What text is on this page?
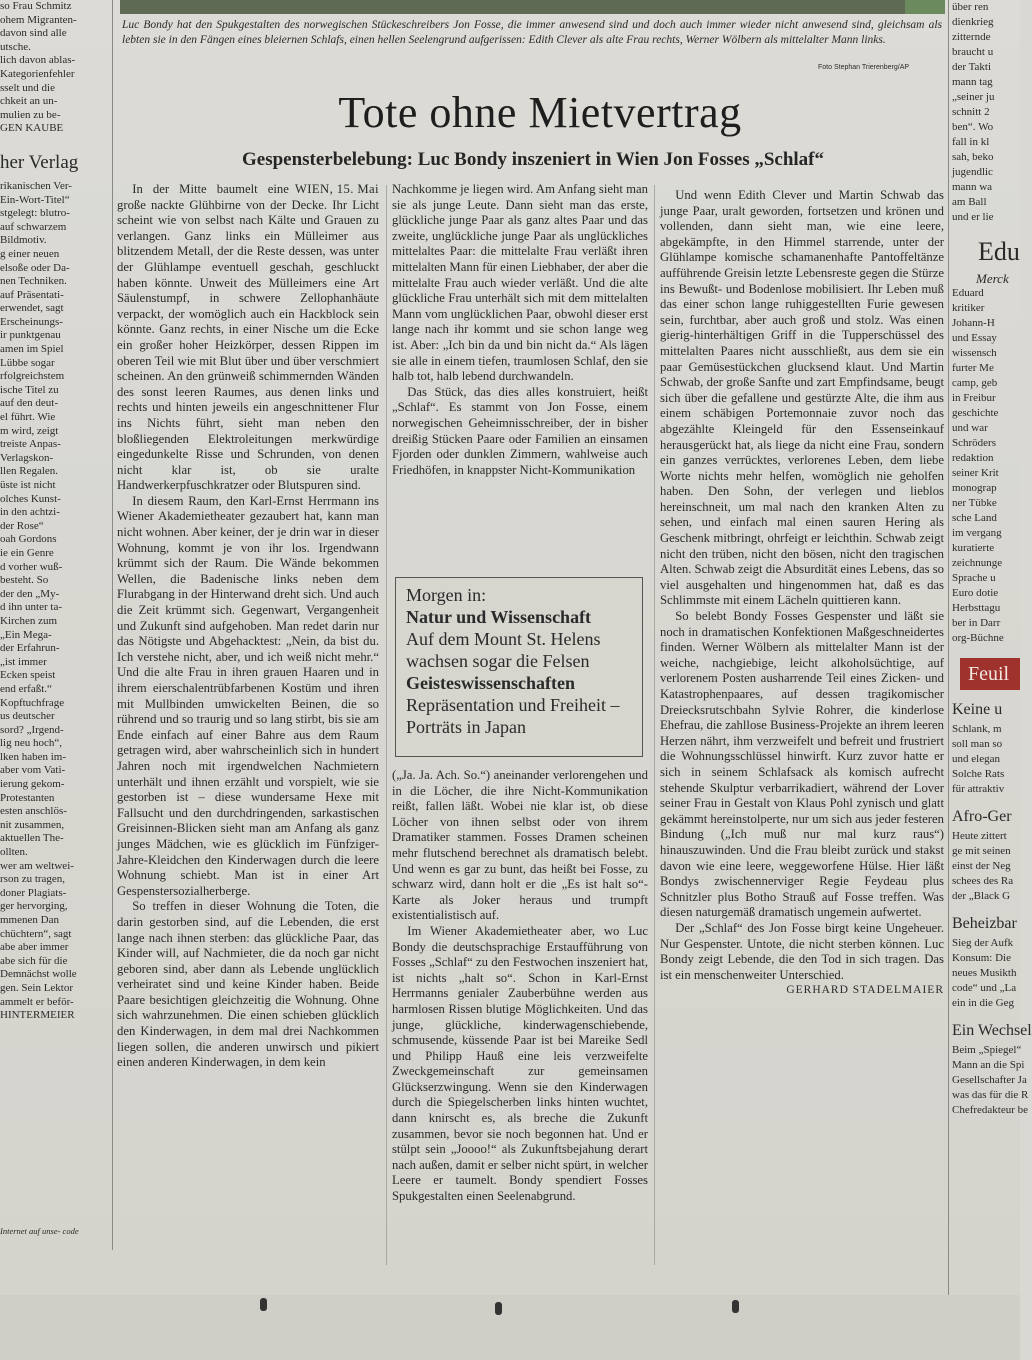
Luc Bondy hat den Spukgestalten des norwegischen Stückeschreibers Jon Fosse, die immer anwesend sind und doch auch immer wieder nicht anwesend sind, gleichsam als lebten sie in den Fängen eines bleiernen Schlafs, einen hellen Seelengrund aufgerissen: Edith Clever als alte Frau rechts, Werner Wölbern als mittelalter Mann links.
Foto Stephan Trierenberg/AP
so Frau Schmitz
ohem Migranten-
davon sind alle
utsche.
lich davon ablas-
Kategorienfehler
sselt und die
chkeit an un-
mulien zu be-
GEN KAUBE
her Verlag
rikanischen Ver-
Ein-Wort-Titel“
stgelegt: blutro-
auf schwarzem
Bildmotiv.
g einer neuen
elsoße oder Da-
nen Techniken.
auf Präsentati-
erwendet, sagt
Erscheinungs-
ir punktgenau
amen im Spiel
Lübbe sogar
rfolgreichstem
ische Titel zu
auf den deut-
el führt. Wie
m wird, zeigt
treiste Anpas-
Verlagskon-
llen Regalen.
üste ist nicht
olches Kunst-
in den achtzi-
der Rose“
oah Gordons
ie ein Genre
d vorher wuß-
besteht. So
der den „My-
d ihn unter ta-
Kirchen zum
„Ein Mega-
der Erfahrun-
„ist immer
Ecken speist
end erfaßt.“
Kopftuchfrage
us deutscher
sord? „Irgend-
lig neu hoch“,
lken haben im-
aber vom Vati-
ierung gekom-
Protestanten
esten anschlös-
nit zusammen,
aktuellen The-
ollten.
wer am weltwei-
rson zu tragen,
doner Plagiats-
ger hervorging,
mmenen Dan
chüchtern“, sagt
abe aber immer
abe sich für die
Demnächst wolle
gen. Sein Lektor
ammelt er beför-
HINTERMEIER
Internet auf unse- code
über ren
dienkrieg
zitternde
braucht u
der Takti
mann tag
„seiner ju
schnitt 2
ben“. Wo
fall in kl
sah, beko
jugendlic
mann wa
am Ball
und er lie
Edu
Merck
Eduard
kritiker
Johann-H
und Essay
wissensch
furter Me
camp, geb
in Freibur
geschichte
und war
Schröders
redaktion
seiner Krit
monograp
ner Tübke
sche Land
im vergang
kuratierte
zeichnunge
Sprache u
Euro dotie
Herbsttagu
ber in Darr
org-Büchne
Feuil
Keine u
Schlank, m
soll man so
und elegan
Solche Rats
für attraktiv
Afro-Ger
Heute zittert
ge mit seinen
einst der Neg
schees des Ra
der „Black G
Beheizbar
Sieg der Aufk
Konsum: Die
neues Musikth
code“ und „La
ein in die Geg
Ein Wechsel
Beim „Spiegel“
Mann an die Spi
Gesellschafter Ja
was das für die R
Chefredakteur be
Tote ohne Mietvertrag
Gespensterbelebung: Luc Bondy inszeniert in Wien Jon Fosses „Schlaf“
WIEN, 15. Mai

In der Mitte baumelt eine große nackte Glühbirne von der Decke. Ihr Licht scheint wie von selbst nach Kälte und Grauen zu verlangen. Ganz links ein Mülleimer aus blitzendem Metall, der die Reste dessen, was unter der Glühlampe eventuell geschah, geschluckt haben könnte. Unweit des Mülleimers eine Art Säulenstumpf, in schwere Zellophanhäute verpackt, der womöglich auch ein Hackblock sein könnte. Ganz rechts, in einer Nische um die Ecke ein großer hoher Heizkörper, dessen Rippen im oberen Teil wie mit Blut über und über verschmiert scheinen. An den grünweiß schimmernden Wänden des sonst leeren Raumes, aus denen links und rechts und hinten jeweils ein angeschnittener Flur ins Nichts führt, sieht man neben den bloßliegenden Elektroleitungen merkwürdige eingedunkelte Risse und Schrunden, von denen nicht klar ist, ob sie uralte Handwerkerpfuschkratzer oder Blutspuren sind.

In diesem Raum, den Karl-Ernst Herrmann ins Wiener Akademietheater gezaubert hat, kann man nicht wohnen. Aber keiner, der je drin war in dieser Wohnung, kommt je von ihr los. Irgendwann krümmt sich der Raum. Die Wände bekommen Wellen, die Badenische links neben dem Flurabgang in der Hinterwand dreht sich. Und auch die Zeit krümmt sich. Gegenwart, Vergangenheit und Zukunft sind aufgehoben. Man redet darin nur das Nötigste und Abgehacktest: „Nein, da bist du. Ich verstehe nicht, aber, und ich weiß nicht mehr.“ Und die alte Frau in ihren grauen Haaren und in ihrem eierschalentrübfarbenen Kostüm und ihren mit Mullbinden umwickelten Beinen, die so rührend und so traurig und so lang stirbt, bis sie am Ende einfach auf einer Bahre aus dem Raum getragen wird, aber wahrscheinlich sich in hundert Jahren noch mit irgendwelchen Nachmietern unterhält und ihnen erzählt und vorspielt, wie sie gestorben ist – diese wundersame Hexe mit Fallsucht und den durchdringenden, sarkastischen Greisinnen-Blicken sieht man am Anfang als ganz junges Mädchen, wie es glücklich im Fünfziger-Jahre-Kleidchen den Kinderwagen durch die leere Wohnung schiebt. Man ist in einer Art Gespenstersozialherberge.

So treffen in dieser Wohnung die Toten, die darin gestorben sind, auf die Lebenden, die erst lange nach ihnen sterben: das glückliche Paar, das Kinder will, auf Nachmieter, die da noch gar nicht geboren sind, aber dann als Lebende unglücklich verheiratet sind und keine Kinder haben. Beide Paare besichtigen gleichzeitig die Wohnung. Ohne sich wahrzunehmen. Die einen schieben glücklich den Kinderwagen, in dem mal drei Nachkommen liegen sollen, die anderen unwirsch und pikiert einen anderen Kinderwagen, in dem kein

Nachkomme je liegen wird. Am Anfang sieht man sie als junge Leute. Dann sieht man das erste, glückliche junge Paar als ganz altes Paar und das zweite, unglückliche junge Paar als unglückliches mittelaltes Paar: die mittelalte Frau verläßt ihren mittelalten Mann für einen Liebhaber, der aber die mittelalte Frau auch wieder verläßt. Und die alte glückliche Frau unterhält sich mit dem mittelalten Mann vom unglücklichen Paar, obwohl dieser erst lange nach ihr kommt und sie schon lange weg ist. Aber: „Ich bin da und bin nicht da.“ Als lägen sie alle in einem tiefen, traumlosen Schlaf, den sie halb tot, halb lebend durchwandeln.

Das Stück, das dies alles konstruiert, heißt „Schlaf“. Es stammt von Jon Fosse, einem norwegischen Geheimnisschreiber, der in bisher dreißig Stücken Paare oder Familien an einsamen Fjorden oder dunklen Zimmern, wahlweise auch Friedhöfen, in knappster Nicht-Kommunikation

Morgen in:
Natur und Wissenschaft
Auf dem Mount St. Helens wachsen sogar die Felsen
Geisteswissenschaften
Repräsentation und Freiheit – Porträts in Japan

(„Ja. Ja. Ach. So.“) aneinander verlorengehen und in die Löcher, die ihre Nicht-Kommunikation reißt, fallen läßt. Wobei nie klar ist, ob diese Löcher von ihnen selbst oder von ihrem Dramatiker stammen. Fosses Dramen scheinen mehr flutschend berechnet als dramatisch belebt. Und wenn es gar zu bunt, das heißt bei Fosse, zu schwarz wird, dann holt er die „Es ist halt so“-Karte als Joker heraus und trumpft existentialistisch auf.

Im Wiener Akademietheater aber, wo Luc Bondy die deutschsprachige Erstaufführung von Fosses „Schlaf“ zu den Festwochen inszeniert hat, ist nichts „halt so“. Schon in Karl-Ernst Herrmanns genialer Zauberbühne werden aus harmlosen Rissen blutige Möglichkeiten. Und das junge, glückliche, kinderwagenschiebende, schmusende, küssende Paar ist bei Mareike Sedl und Philipp Hauß eine leis verzweifelte Zweckgemeinschaft zur gemeinsamen Glückserzwingung. Wenn sie den Kinderwagen durch die Spiegelscherben links hinten wuchtet, dann knirscht es, als breche die Zukunft zusammen, bevor sie noch begonnen hat. Und er stülpt sein „Joooo!“ als Zukunftsbejahung derart nach außen, damit er selber nicht spürt, in welcher Leere er taumelt. Bondy spendiert Fosses Spukgestalten einen Seelenabgrund.

Und wenn Edith Clever und Martin Schwab das junge Paar, uralt geworden, fortsetzen und krönen und vollenden, dann sieht man, wie eine leere, abgekämpfte, in den Himmel starrende, unter der Glühlampe komische schamanenhafte Pantoffeltänze aufführende Greisin letzte Lebensreste gegen die Stürze ins Bewußt- und Bodenlose mobilisiert. Ihr Leben muß das einer schon lange ruhiggestellten Furie gewesen sein, furchtbar, aber auch groß und stolz. Was einen gierig-hinterhältigen Griff in die Tupperschüssel des mittelalten Paares nicht ausschließt, aus dem sie ein paar Gemüsestückchen glucksend klaut. Und Martin Schwab, der große Sanfte und zart Empfindsame, beugt sich über die gefallene und gestürzte Alte, die ihm aus einem schäbigen Portemonnaie zuvor noch das abgezählte Kleingeld für den Essenseinkauf herausgerückt hat, als liege da nicht eine Frau, sondern ein ganzes verrücktes, verlorenes Leben, dem liebe Worte nichts mehr helfen, womöglich nie geholfen haben. Den Sohn, der verlegen und lieblos hereinschneit, um mal nach den kranken Alten zu sehen, und einfach mal einen sauren Hering als Geschenk mitbringt, ohrfeigt er leichthin. Schwab zeigt nicht den trüben, nicht den bösen, nicht den tragischen Alten. Schwab zeigt die Absurdität eines Lebens, das so viel ausgehalten und hingenommen hat, daß es das Schlimmste mit einem Lächeln quittieren kann.

So belebt Bondy Fosses Gespenster und läßt sie noch in dramatischen Konfektionen Maßgeschneidertes finden. Werner Wölbern als mittelalter Mann ist der weiche, nachgiebige, leicht alkoholsüchtige, auf verlorenem Posten ausharrende Teil eines Zicken- und Katastrophenpaares, auf dessen tragikomischer Dreiecksrutschbahn Sylvie Rohrer, die kinderlose Ehefrau, die zahllose Business-Projekte an ihrem leeren Herzen nährt, ihm verzweifelt und befreit und frustriert die Wohnungsschlüssel hinwirft. Kurz zuvor hatte er sich in seinem Schlafsack als komisch aufrecht stehende Skulptur verbarrikadiert, während der Lover seiner Frau in Gestalt von Klaus Pohl zynisch und glatt gekämmt hereinstolperte, nur um sich aus jeder festeren Bindung („Ich muß nur mal kurz raus“) hinauszuwinden. Und die Frau bleibt zurück und stakst davon wie eine leere, weggeworfene Hülse. Hier läßt Bondys zwischennerviger Regie Feydeau plus Schnitzler plus Botho Strauß auf Fosse treffen. Was diesen naturgemäß dramatisch ungemein aufwertet.

Der „Schlaf“ des Jon Fosse birgt keine Ungeheuer. Nur Gespenster. Untote, die nicht sterben können. Luc Bondy zeigt Lebende, die den Tod in sich tragen. Das ist ein menschenweiter Unterschied.

GERHARD STADELMAIER
